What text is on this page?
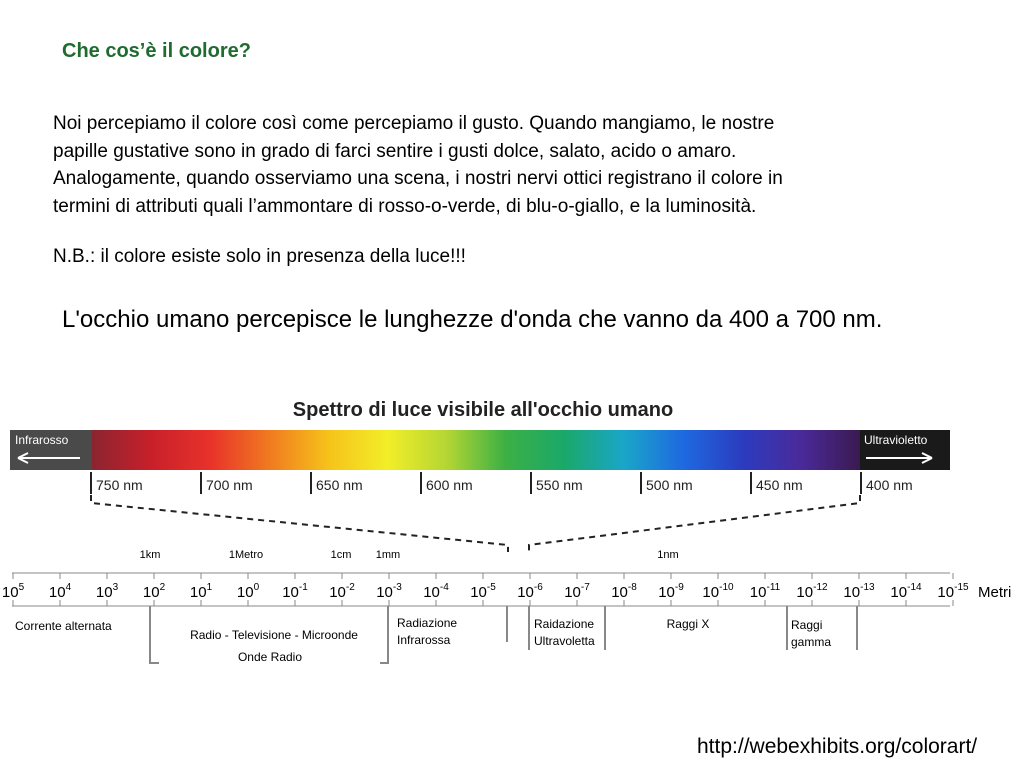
Che cos’è il colore?
Noi percepiamo il colore così come percepiamo il gusto. Quando mangiamo, le nostre
papille gustative sono in grado di farci sentire i gusti dolce, salato, acido o amaro.
Analogamente, quando osserviamo una scena, i nostri nervi ottici registrano il colore in
termini di attributi quali l’ammontare di rosso-o-verde, di blu-o-giallo, e la luminosità.
N.B.: il colore esiste solo in presenza della luce!!!
L'occhio umano percepisce le lunghezze d'onda che vanno da 400 a 700 nm.
Spettro di luce visibile all'occhio umano
Infrarosso	Ultravioletto
750 nm	700 nm	650 nm	600 nm	550 nm	500 nm	450 nm	400 nm
$10^5$ $10^4$ $10^3$ $10^2$ $10^1$ $10^0$ $10^{-1}$ $10^{-2}$ $10^{-3}$ $10^{-4}$ $10^{-5}$ $10^{-6}$ $10^{-7}$ $10^{-8}$ $10^{-9}$ $10^{-10}$ $10^{-11}$ $10^{-12}$ $10^{-13}$ $10^{-14}$ $10^{-15}$
1km	1Metro	1cm 1mm	1nm
Metri
Corrente alternata
Radio - Televisione - Microonde
Onde Radio
Radiazione
Infrarossa
Raidazione
Ultravoletta
Raggi X	Raggi
gamma
http://webexhibits.org/colorart/
